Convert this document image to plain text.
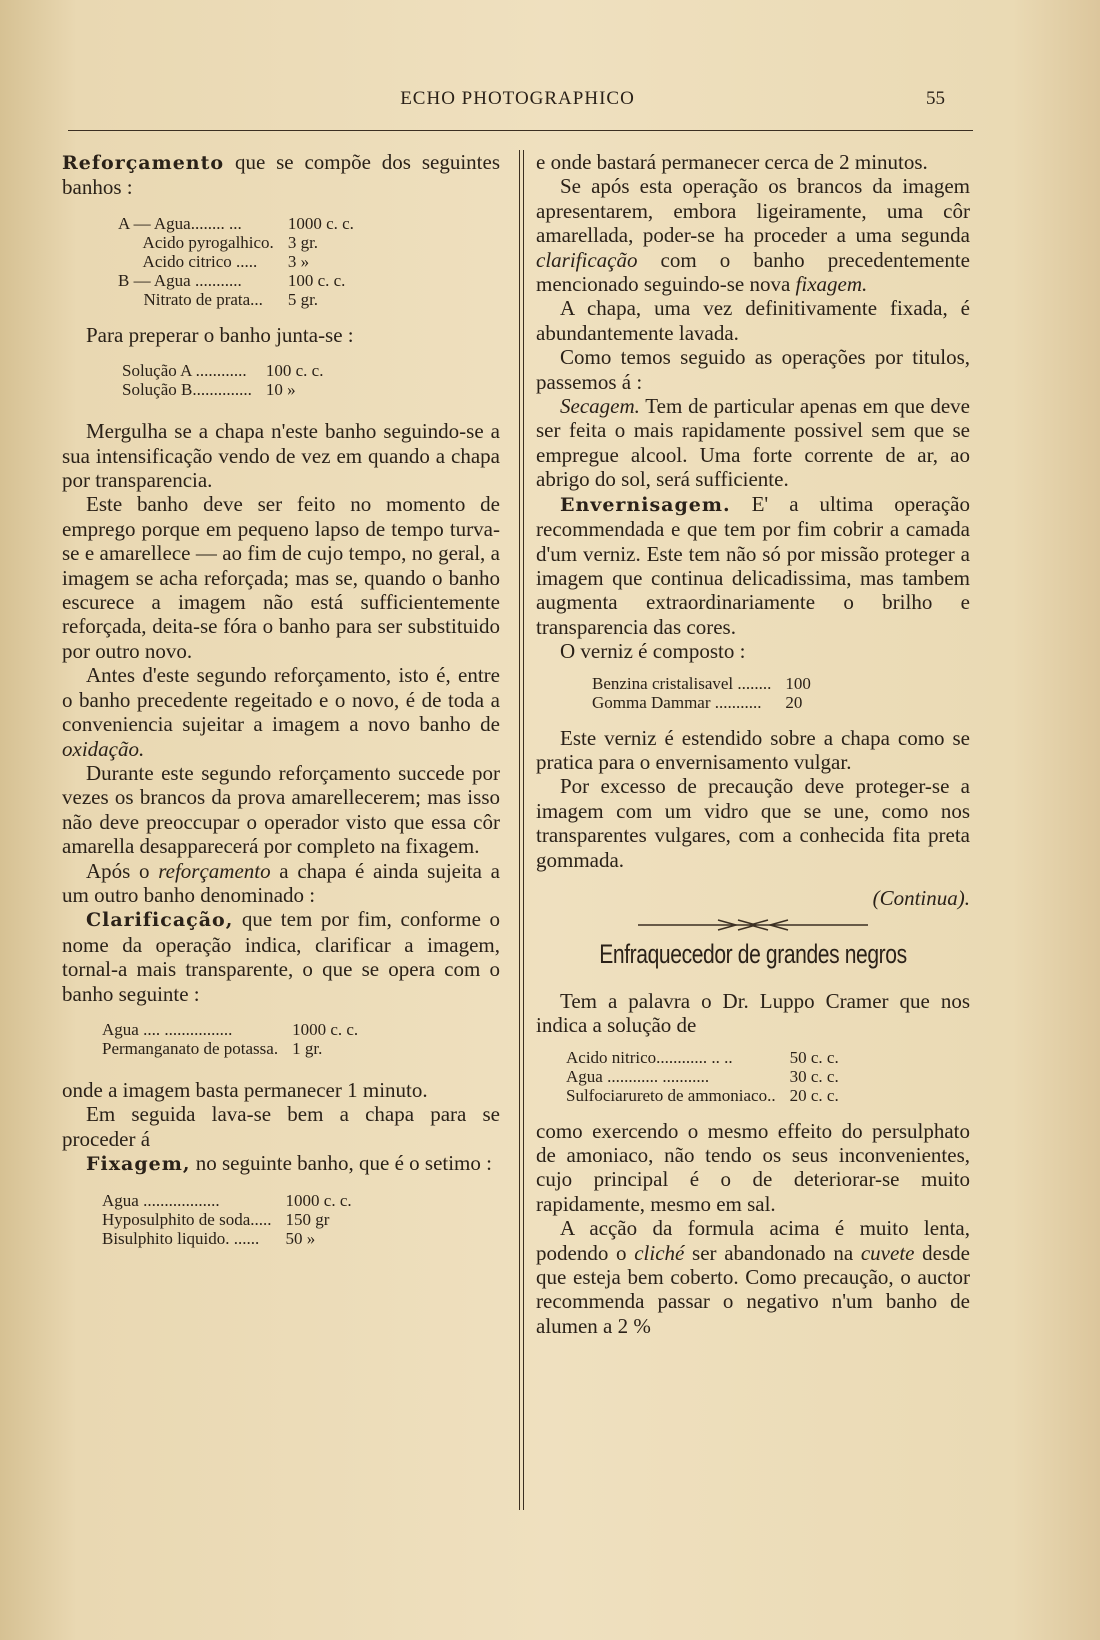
ECHO PHOTOGRAPHICO	55

Reforçamento que se compõe dos seguintes banhos :

A — Agua........ ...	1000 c. c.
Acido pyrogalhico.	3 gr.
Acido citrico .....	3 »
B — Agua ...........	100 c. c.
Nitrato de prata...	5 gr.

Para preperar o banho junta-se :

Solução A ............	100 c. c.
Solução B..............	10 »

Mergulha se a chapa n'este banho seguindo-se a sua intensificação vendo de vez em quando a chapa por transparencia.

Este banho deve ser feito no momento de emprego porque em pequeno lapso de tempo turva-se e amarellece — ao fim de cujo tempo, no geral, a imagem se acha reforçada; mas se, quando o banho escurece a imagem não está sufficientemente reforçada, deita-se fóra o banho para ser substituido por outro novo.

Antes d'este segundo reforçamento, isto é, entre o banho precedente regeitado e o novo, é de toda a conveniencia sujeitar a imagem a novo banho de oxidação.

Durante este segundo reforçamento succede por vezes os brancos da prova amarellecerem; mas isso não deve preoccupar o operador visto que essa côr amarella desapparecerá por completo na fixagem.

Após o reforçamento a chapa é ainda sujeita a um outro banho denominado :

Clarificação, que tem por fim, conforme o nome da operação indica, clarificar a imagem, tornal-a mais transparente, o que se opera com o banho seguinte :

Agua .... ................	1000 c. c.
Permanganato de potassa.	1 gr.

onde a imagem basta permanecer 1 minuto.

Em seguida lava-se bem a chapa para se proceder á

Fixagem, no seguinte banho, que é o setimo :

Agua ..................	1000 c. c.
Hyposulphito de soda.....	150 gr
Bisulphito liquido. ......	50 »

e onde bastará permanecer cerca de 2 minutos.

Se após esta operação os brancos da imagem apresentarem, embora ligeiramente, uma côr amarellada, poder-se ha proceder a uma segunda clarificação com o banho precedentemente mencionado seguindo-se nova fixagem.

A chapa, uma vez definitivamente fixada, é abundantemente lavada.

Como temos seguido as operações por titulos, passemos á :

Secagem. Tem de particular apenas em que deve ser feita o mais rapidamente possivel sem que se empregue alcool. Uma forte corrente de ar, ao abrigo do sol, será sufficiente.

Envernisagem. E' a ultima operação recommendada e que tem por fim cobrir a camada d'um verniz. Este tem não só por missão proteger a imagem que continua delicadissima, mas tambem augmenta extraordinariamente o brilho e transparencia das cores.

O verniz é composto :

Benzina cristalisavel ........	100
Gomma Dammar ...........	20

Este verniz é estendido sobre a chapa como se pratica para o envernisamento vulgar.

Por excesso de precaução deve proteger-se a imagem com um vidro que se une, como nos transparentes vulgares, com a conhecida fita preta gommada.

(Continua).
Enfraquecedor de grandes negros

Tem a palavra o Dr. Luppo Cramer que nos indica a solução de

Acido nitrico............ .. ..	50 c. c.
Agua ............ ...........	30 c. c.
Sulfociarureto de ammoniaco..	20 c. c.

como exercendo o mesmo effeito do persulphato de amoniaco, não tendo os seus inconvenientes, cujo principal é o de deteriorar-se muito rapidamente, mesmo em sal.

A acção da formula acima é muito lenta, podendo o cliché ser abandonado na cuvete desde que esteja bem coberto. Como precaução, o auctor recommenda passar o negativo n'um banho de alumen a 2 %
